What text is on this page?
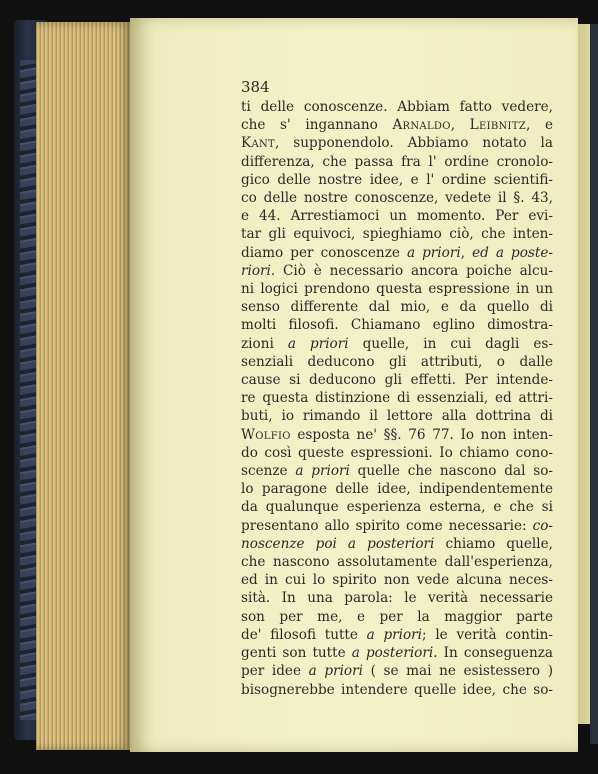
384
ti delle conoscenze. Abbiam fatto vedere,
che s' ingannano Arnaldo, Leibnitz, e
Kant, supponendolo. Abbiamo notato la
differenza, che passa fra l' ordine cronolo-
gico delle nostre idee, e l' ordine scientifi-
co delle nostre conoscenze, vedete il §. 43,
e 44. Arrestiamoci un momento. Per evi-
tar gli equivoci, spieghiamo ciò, che inten-
diamo per conoscenze a priori, ed a poste-
riori. Ciò è necessario ancora poiche alcu-
ni logici prendono questa espressione in un
senso differente dal mio, e da quello di
molti filosofi. Chiamano eglino dimostra-
zioni a priori quelle, in cui dagli es-
senziali deducono gli attributi, o dalle
cause si deducono gli effetti. Per intende-
re questa distinzione di essenziali, ed attri-
buti, io rimando il lettore alla dottrina di
Wolfio esposta ne' §§. 76 77. Io non inten-
do così queste espressioni. Io chiamo cono-
scenze a priori quelle che nascono dal so-
lo paragone delle idee, indipendentemente
da qualunque esperienza esterna, e che si
presentano allo spirito come necessarie: co-
noscenze poi a posteriori chiamo quelle,
che nascono assolutamente dall'esperienza,
ed in cui lo spirito non vede alcuna neces-
sità. In una parola: le verità necessarie
son per me, e per la maggior parte
de' filosofi tutte a priori; le verità contin-
genti son tutte a posteriori. In conseguenza
per idee a priori ( se mai ne esistessero )
bisognerebbe intendere quelle idee, che so-
